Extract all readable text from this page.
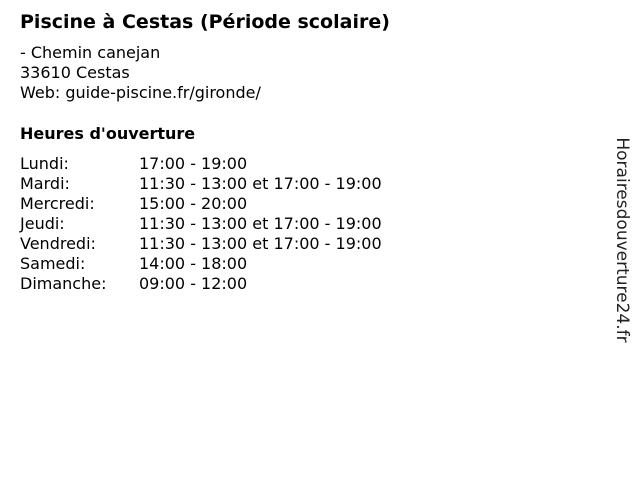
Piscine à Cestas (Période scolaire)
- Chemin canejan
33610 Cestas
Web: guide-piscine.fr/gironde/
Heures d'ouverture
Lundi:	17:00 - 19:00
Mardi:	11:30 - 13:00 et 17:00 - 19:00
Mercredi:	15:00 - 20:00
Jeudi:	11:30 - 13:00 et 17:00 - 19:00
Vendredi:	11:30 - 13:00 et 17:00 - 19:00
Samedi:	14:00 - 18:00
Dimanche:	09:00 - 12:00	Horairesdouverture24.fr
